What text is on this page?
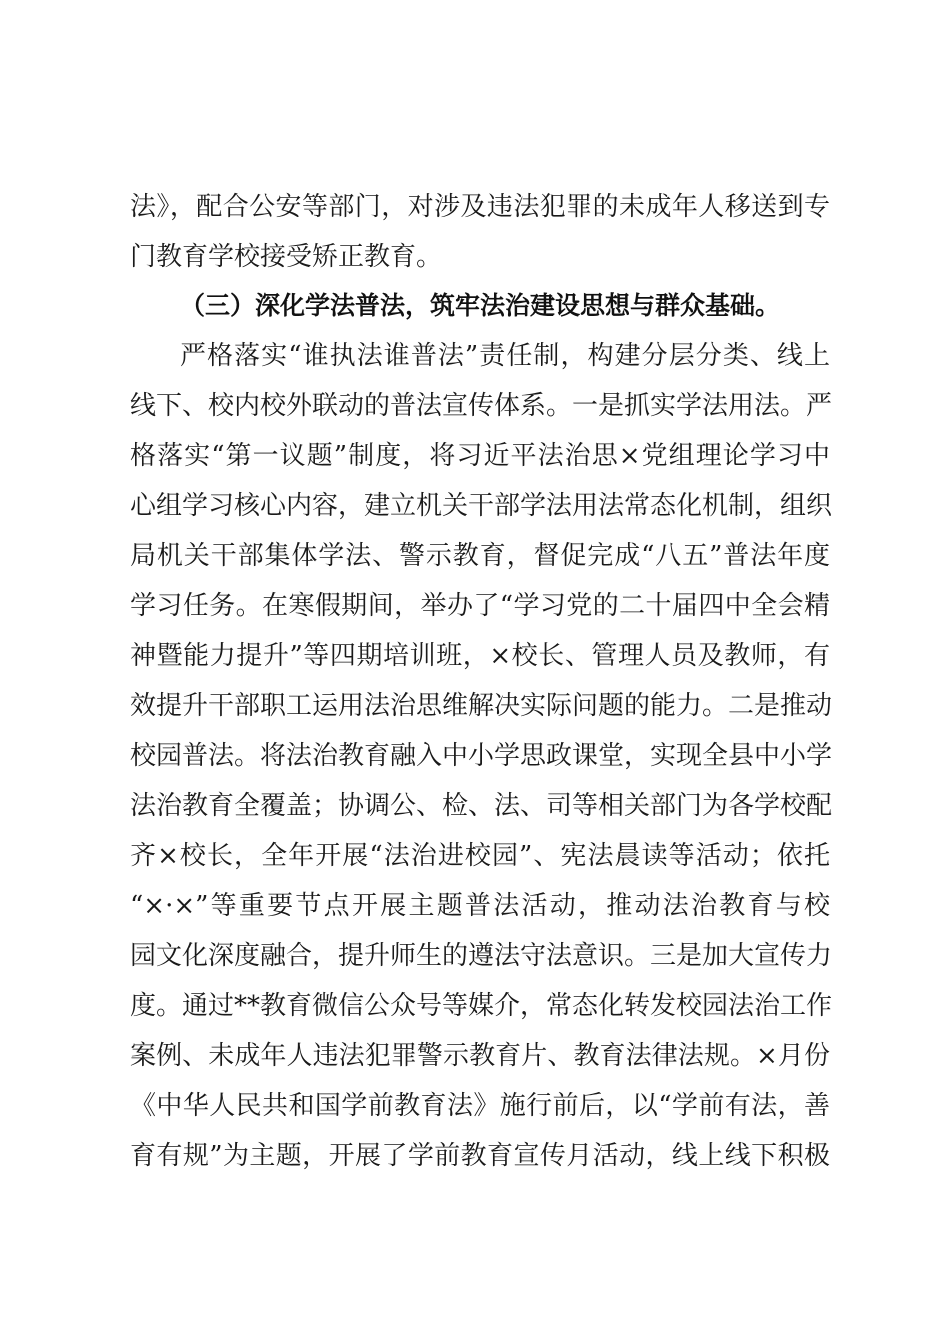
法》，配合公安等部门，对涉及违法犯罪的未成年人移送到专
门教育学校接受矫正教育。
（三）深化学法普法，筑牢法治建设思想与群众基础。
严格落实“谁执法谁普法”责任制，构建分层分类、线上
线下、校内校外联动的普法宣传体系。一是抓实学法用法。严
格落实“第一议题”制度，将习近平法治思×党组理论学习中
心组学习核心内容，建立机关干部学法用法常态化机制，组织
局机关干部集体学法、警示教育，督促完成“八五”普法年度
学习任务。在寒假期间，举办了“学习党的二十届四中全会精
神暨能力提升”等四期培训班，×校长、管理人员及教师，有
效提升干部职工运用法治思维解决实际问题的能力。二是推动
校园普法。将法治教育融入中小学思政课堂，实现全县中小学
法治教育全覆盖；协调公、检、法、司等相关部门为各学校配
齐×校长，全年开展“法治进校园”、宪法晨读等活动；依托
“×·×”等重要节点开展主题普法活动，推动法治教育与校
园文化深度融合，提升师生的遵法守法意识。三是加大宣传力
度。通过**教育微信公众号等媒介，常态化转发校园法治工作
案例、未成年人违法犯罪警示教育片、教育法律法规。×月份
《中华人民共和国学前教育法》施行前后，以“学前有法，善
育有规”为主题，开展了学前教育宣传月活动，线上线下积极
